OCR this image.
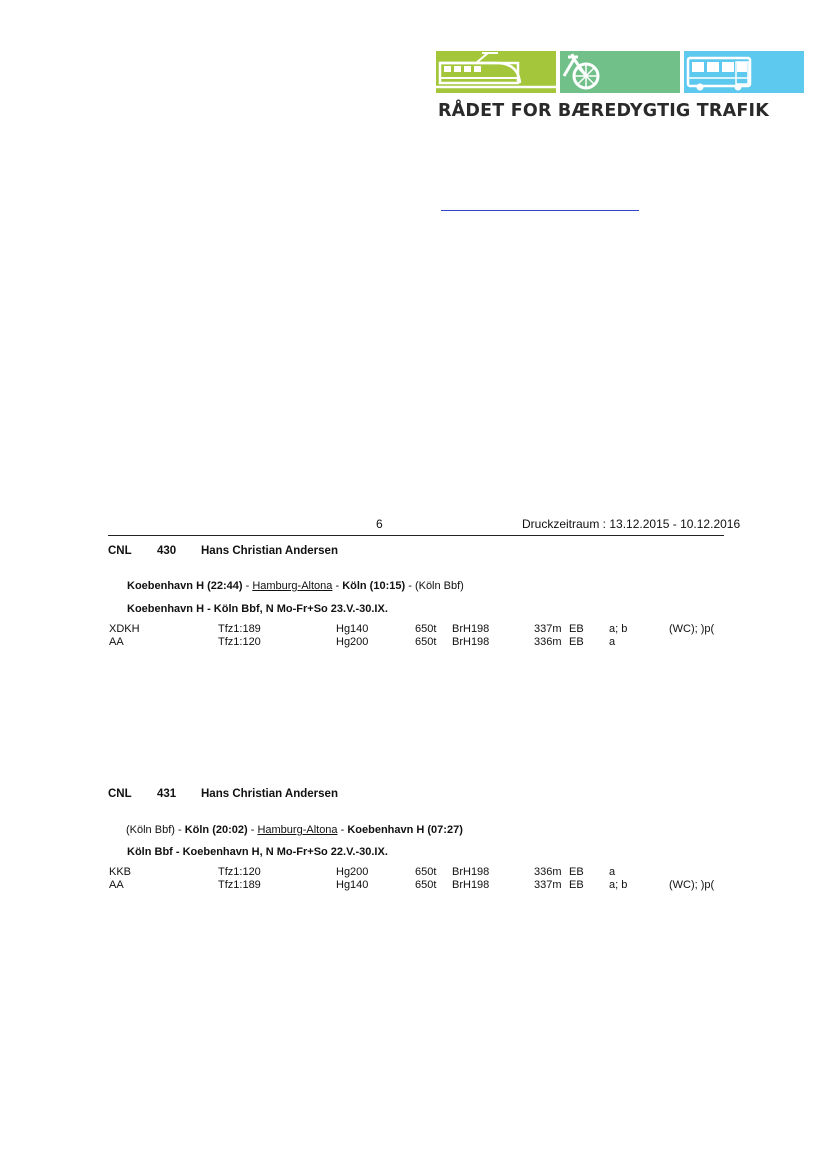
RÅDET FOR BÆREDYGTIG TRAFIK
6	Druckzeitraum : 13.12.2015 - 10.12.2016
CNL 430 Hans Christian Andersen
Koebenhavn H (22:44) - Hamburg-Altona - Köln (10:15) - (Köln Bbf)
Koebenhavn H - Köln Bbf, N Mo-Fr+So 23.V.-30.IX.
XDKH	Tfz1:189	Hg140	650t BrH198	337m EB a; b	(WC); )p(
AA	Tfz1:120	Hg200	650t BrH198	336m EB a
CNL 431 Hans Christian Andersen
(Köln Bbf) - Köln (20:02) - Hamburg-Altona - Koebenhavn H (07:27)
Köln Bbf - Koebenhavn H, N Mo-Fr+So 22.V.-30.IX.
KKB	Tfz1:120	Hg200	650t BrH198	336m EB a
AA	Tfz1:189	Hg140	650t BrH198	337m EB a; b	(WC); )p(
